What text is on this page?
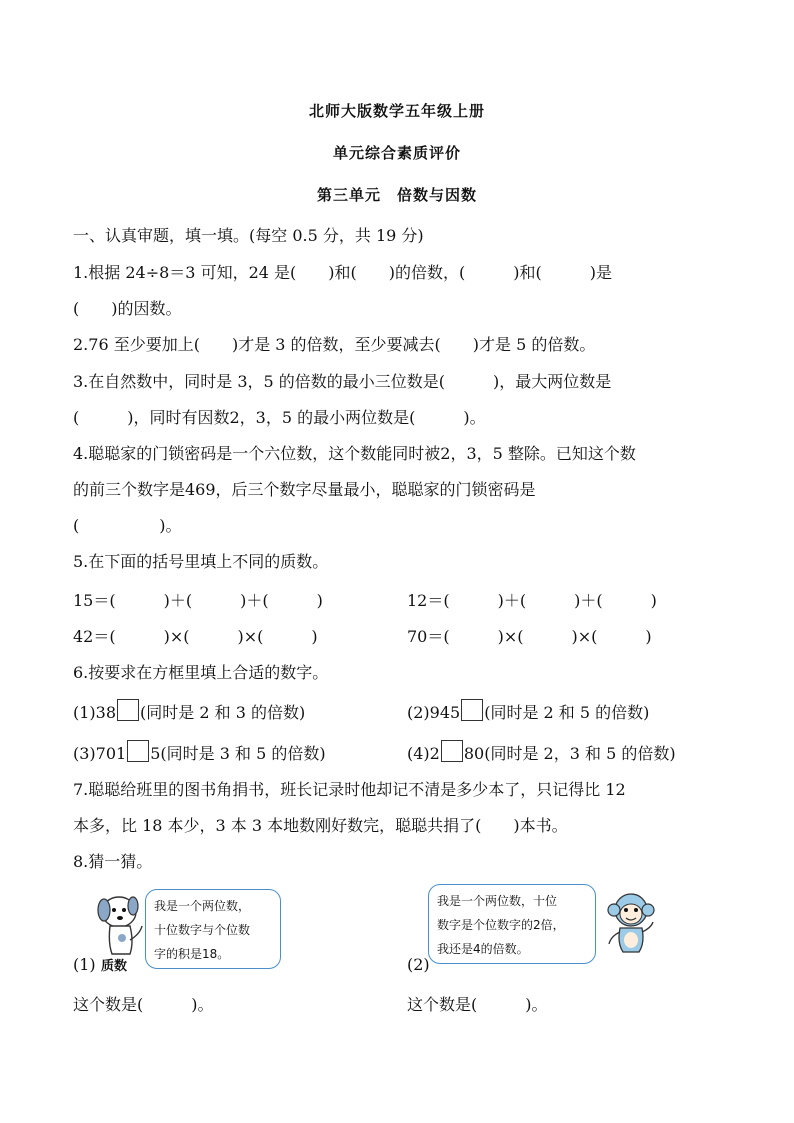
北师大版数学五年级上册
单元综合素质评价
第三单元　倍数与因数
一、认真审题，填一填。(每空 0.5 分，共 19 分)
1.根据 24÷8＝3 可知，24 是(　　)和(　　)的倍数，(　　　)和(　　　)是
(　　)的因数。
2.76 至少要加上(　　)才是 3 的倍数，至少要减去(　　)才是 5 的倍数。
3.在自然数中，同时是 3，5 的倍数的最小三位数是(　　　)，最大两位数是
(　　　)，同时有因数2，3，5 的最小两位数是(　　　)。
4.聪聪家的门锁密码是一个六位数，这个数能同时被2，3，5 整除。已知这个数
的前三个数字是469，后三个数字尽量最小，聪聪家的门锁密码是
(　　　　　)。
5.在下面的括号里填上不同的质数。
15＝(　　　)＋(　　　)＋(　　　)	12＝(　　　)＋(　　　)＋(　　　)
42＝(　　　)×(　　　)×(　　　)	70＝(　　　)×(　　　)×(　　　)
6.按要求在方框里填上合适的数字。
(1)38 (同时是 2 和 3 的倍数)	(2)945 (同时是 2 和 5 的倍数)
(3)701 5(同时是 3 和 5 的倍数)	(4)2 80(同时是 2，3 和 5 的倍数)
7.聪聪给班里的图书角捐书，班长记录时他却记不清是多少本了，只记得比 12
本多，比 18 本少，3 本 3 本地数刚好数完，聪聪共捐了(　　)本书。
8.猜一猜。
我是一个两位数，
十位数字与个位数
字的积是18。
(1) 质数	(2)
我是一个两位数，十位
数字是个位数字的2倍，
我还是4的倍数。
这个数是(　　　)。	这个数是(　　　)。
